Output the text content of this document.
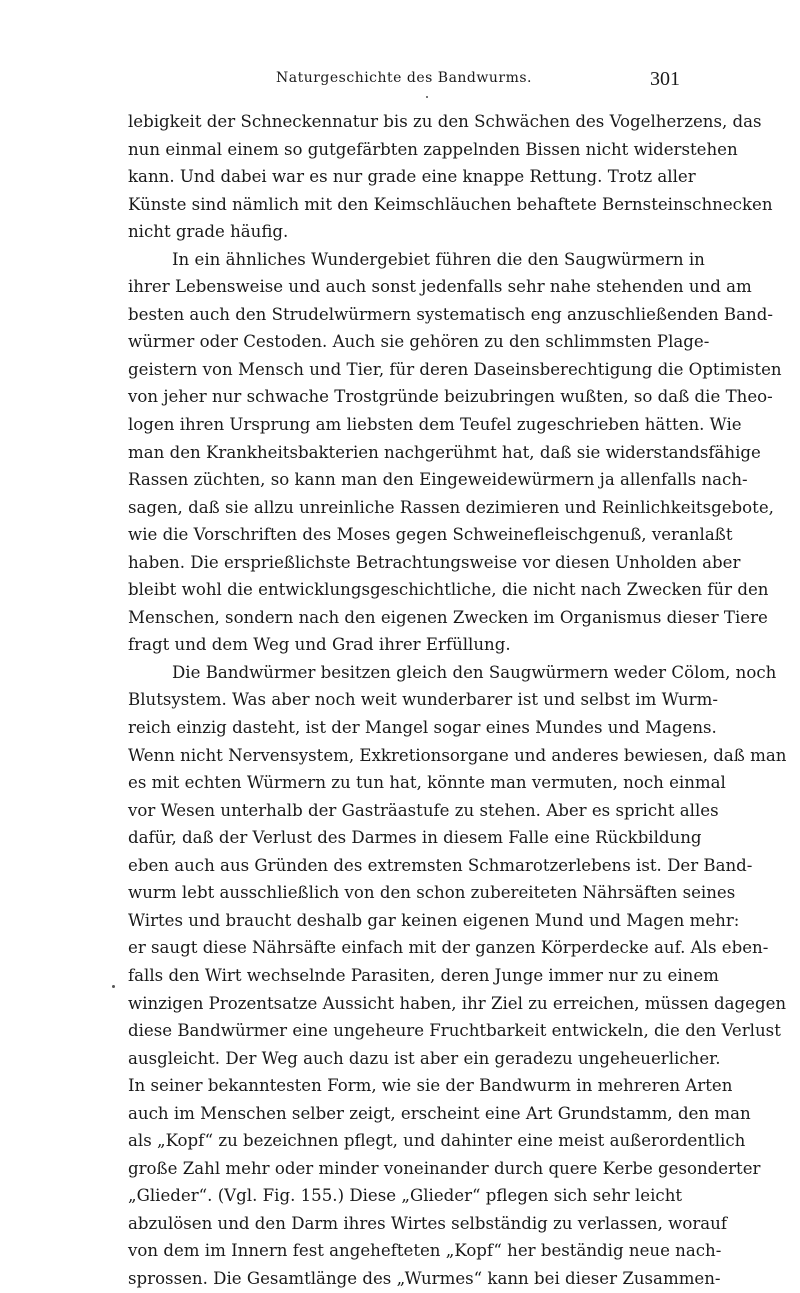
Naturgeschichte des Bandwurms.	301
lebigkeit der Schneckennatur bis zu den Schwächen des Vogelherzens, das
nun einmal einem so gutgefärbten zappelnden Bissen nicht widerstehen
kann. Und dabei war es nur grade eine knappe Rettung. Trotz aller
Künste sind nämlich mit den Keimschläuchen behaftete Bernsteinschnecken
nicht grade häufig.
In ein ähnliches Wundergebiet führen die den Saugwürmern in
ihrer Lebensweise und auch sonst jedenfalls sehr nahe stehenden und am
besten auch den Strudelwürmern systematisch eng anzuschließenden Band-
würmer oder Cestoden. Auch sie gehören zu den schlimmsten Plage-
geistern von Mensch und Tier, für deren Daseinsberechtigung die Optimisten
von jeher nur schwache Trostgründe beizubringen wußten, so daß die Theo-
logen ihren Ursprung am liebsten dem Teufel zugeschrieben hätten. Wie
man den Krankheitsbakterien nachgerühmt hat, daß sie widerstandsfähige
Rassen züchten, so kann man den Eingeweidewürmern ja allenfalls nach-
sagen, daß sie allzu unreinliche Rassen dezimieren und Reinlichkeitsgebote,
wie die Vorschriften des Moses gegen Schweinefleischgenuß, veranlaßt
haben. Die ersprießlichste Betrachtungsweise vor diesen Unholden aber
bleibt wohl die entwicklungsgeschichtliche, die nicht nach Zwecken für den
Menschen, sondern nach den eigenen Zwecken im Organismus dieser Tiere
fragt und dem Weg und Grad ihrer Erfüllung.
Die Bandwürmer besitzen gleich den Saugwürmern weder Cölom, noch
Blutsystem. Was aber noch weit wunderbarer ist und selbst im Wurm-
reich einzig dasteht, ist der Mangel sogar eines Mundes und Magens.
Wenn nicht Nervensystem, Exkretionsorgane und anderes bewiesen, daß man
es mit echten Würmern zu tun hat, könnte man vermuten, noch einmal
vor Wesen unterhalb der Gasträastufe zu stehen. Aber es spricht alles
dafür, daß der Verlust des Darmes in diesem Falle eine Rückbildung
eben auch aus Gründen des extremsten Schmarotzerlebens ist. Der Band-
wurm lebt ausschließlich von den schon zubereiteten Nährsäften seines
Wirtes und braucht deshalb gar keinen eigenen Mund und Magen mehr:
er saugt diese Nährsäfte einfach mit der ganzen Körperdecke auf. Als eben-
falls den Wirt wechselnde Parasiten, deren Junge immer nur zu einem
winzigen Prozentsatze Aussicht haben, ihr Ziel zu erreichen, müssen dagegen
diese Bandwürmer eine ungeheure Fruchtbarkeit entwickeln, die den Verlust
ausgleicht. Der Weg auch dazu ist aber ein geradezu ungeheuerlicher.
In seiner bekanntesten Form, wie sie der Bandwurm in mehreren Arten
auch im Menschen selber zeigt, erscheint eine Art Grundstamm, den man
als „Kopf“ zu bezeichnen pflegt, und dahinter eine meist außerordentlich
große Zahl mehr oder minder voneinander durch quere Kerbe gesonderter
„Glieder“. (Vgl. Fig. 155.) Diese „Glieder“ pflegen sich sehr leicht
abzulösen und den Darm ihres Wirtes selbständig zu verlassen, worauf
von dem im Innern fest angehefteten „Kopf“ her beständig neue nach-
sprossen. Die Gesamtlänge des „Wurmes“ kann bei dieser Zusammen-
